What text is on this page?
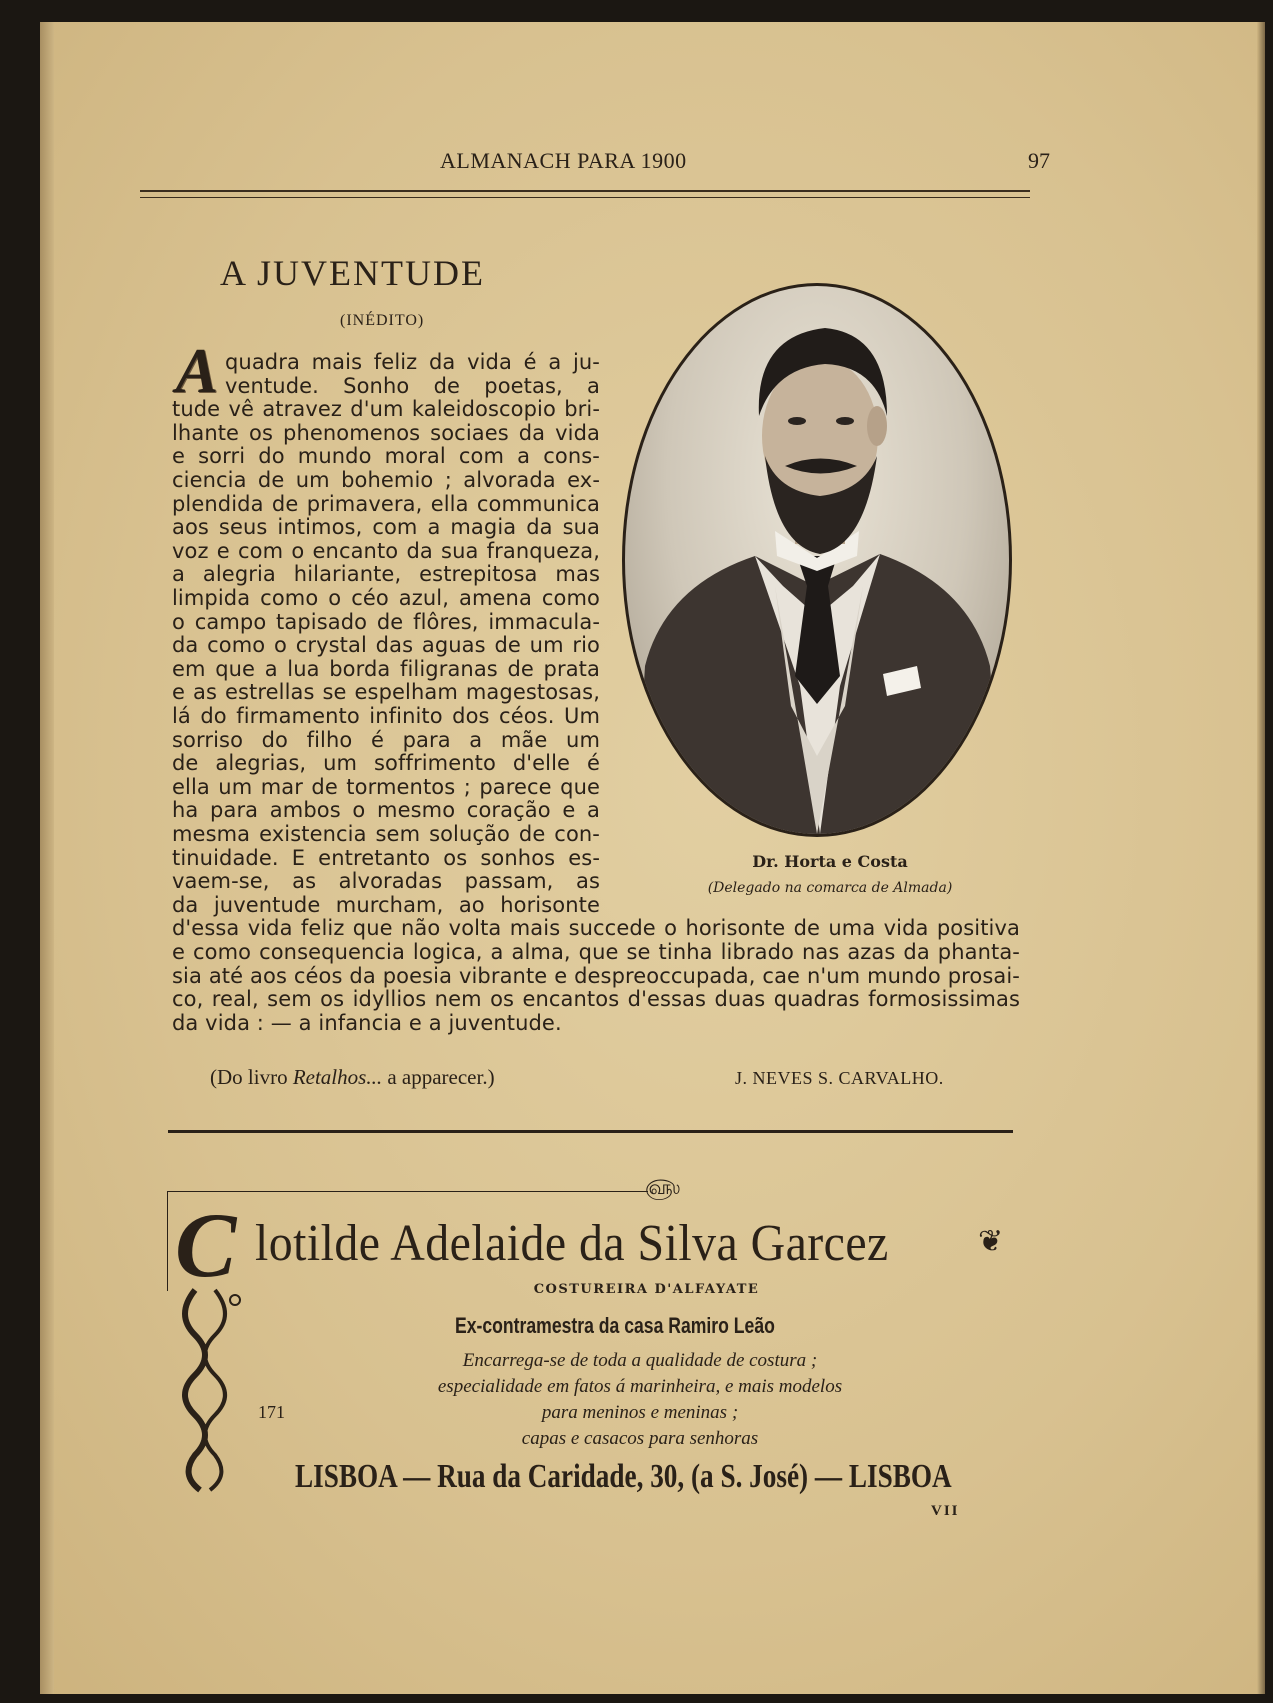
ALMANACH PARA 1900	97
A JUVENTUDE
(INÉDITO)
A quadra mais feliz da vida é a ju-
ventude. Sonho de poetas, a
tude vê atravez d'um kaleidoscopio bri-
lhante os phenomenos sociaes da vida
e sorri do mundo moral com a cons-
ciencia de um bohemio ; alvorada ex-
plendida de primavera, ella communica
aos seus intimos, com a magia da sua
voz e com o encanto da sua franqueza,
a alegria hilariante, estrepitosa mas
limpida como o céo azul, amena como
o campo tapisado de flôres, immacula-
da como o crystal das aguas de um rio
em que a lua borda filigranas de prata
e as estrellas se espelham magestosas,
lá do firmamento infinito dos céos. Um
sorriso do filho é para a mãe um
de alegrias, um soffrimento d'elle é
ella um mar de tormentos ; parece que
ha para ambos o mesmo coração e a
mesma existencia sem solução de con-
tinuidade. E entretanto os sonhos es-
vaem-se, as alvoradas passam, as
da juventude murcham, ao horisonte
d'essa vida feliz que não volta mais succede o horisonte de uma vida positiva
e como consequencia logica, a alma, que se tinha librado nas azas da phanta-
sia até aos céos da poesia vibrante e despreoccupada, cae n'um mundo prosai-
co, real, sem os idyllios nem os encantos d'essas duas quadras formosissimas
da vida : — a infancia e a juventude.
Dr. Horta e Costa
(Delegado na comarca de Almada)
(Do livro Retalhos... a apparecer.)	J. NEVES S. CARVALHO.
௵
C lotilde Adelaide da Silva Garcez	❦
COSTUREIRA D'ALFAYATE
Ex-contramestra da casa Ramiro Leão
Encarrega-se de toda a qualidade de costura ;
especialidade em fatos á marinheira, e mais modelos
para meninos e meninas ;
capas e casacos para senhoras
171
LISBOA — Rua da Caridade, 30, (a S. José) — LISBOA
VII
